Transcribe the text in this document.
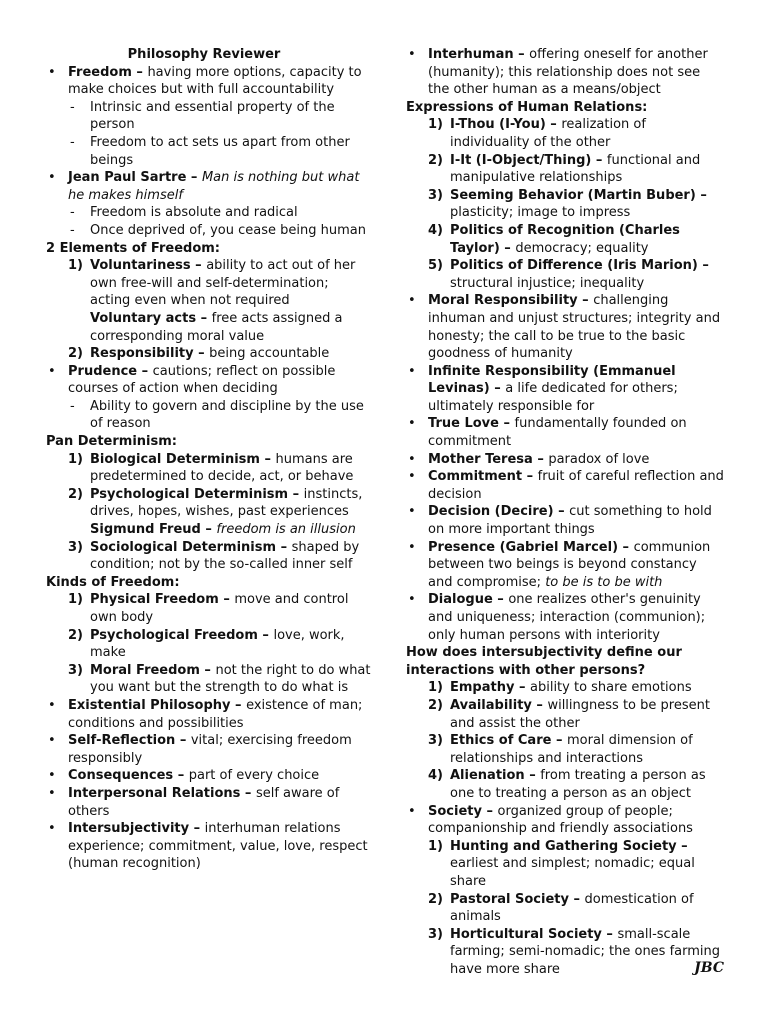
Philosophy Reviewer
• Freedom – having more options, capacity to make choices but with full accountability
- Intrinsic and essential property of the person
- Freedom to act sets us apart from other beings
• Jean Paul Sartre – Man is nothing but what he makes himself
- Freedom is absolute and radical
- Once deprived of, you cease being human
2 Elements of Freedom:
1) Voluntariness – ability to act out of her own free-will and self-determination; acting even when not required
Voluntary acts – free acts assigned a corresponding moral value
2) Responsibility – being accountable
• Prudence – cautions; reflect on possible courses of action when deciding
- Ability to govern and discipline by the use of reason
Pan Determinism:
1) Biological Determinism – humans are predetermined to decide, act, or behave
2) Psychological Determinism – instincts, drives, hopes, wishes, past experiences
Sigmund Freud – freedom is an illusion
3) Sociological Determinism – shaped by condition; not by the so-called inner self
Kinds of Freedom:
1) Physical Freedom – move and control own body
2) Psychological Freedom – love, work, make
3) Moral Freedom – not the right to do what you want but the strength to do what is
• Existential Philosophy – existence of man; conditions and possibilities
• Self-Reflection – vital; exercising freedom responsibly
• Consequences – part of every choice
• Interpersonal Relations – self aware of others
• Intersubjectivity – interhuman relations experience; commitment, value, love, respect (human recognition)
• Interhuman – offering oneself for another (humanity); this relationship does not see the other human as a means/object
Expressions of Human Relations:
1) I-Thou (I-You) – realization of individuality of the other
2) I-It (I-Object/Thing) – functional and manipulative relationships
3) Seeming Behavior (Martin Buber) – plasticity; image to impress
4) Politics of Recognition (Charles Taylor) – democracy; equality
5) Politics of Difference (Iris Marion) – structural injustice; inequality
• Moral Responsibility – challenging inhuman and unjust structures; integrity and honesty; the call to be true to the basic goodness of humanity
• Infinite Responsibility (Emmanuel Levinas) – a life dedicated for others; ultimately responsible for
• True Love – fundamentally founded on commitment
• Mother Teresa – paradox of love
• Commitment – fruit of careful reflection and decision
• Decision (Decire) – cut something to hold on more important things
• Presence (Gabriel Marcel) – communion between two beings is beyond constancy and compromise; to be is to be with
• Dialogue – one realizes other's genuinity and uniqueness; interaction (communion); only human persons with interiority
How does intersubjectivity define our interactions with other persons?
1) Empathy – ability to share emotions
2) Availability – willingness to be present and assist the other
3) Ethics of Care – moral dimension of relationships and interactions
4) Alienation – from treating a person as one to treating a person as an object
• Society – organized group of people; companionship and friendly associations
1) Hunting and Gathering Society – earliest and simplest; nomadic; equal share
2) Pastoral Society – domestication of animals
3) Horticultural Society – small-scale farming; semi-nomadic; the ones farming have more share	JBC
